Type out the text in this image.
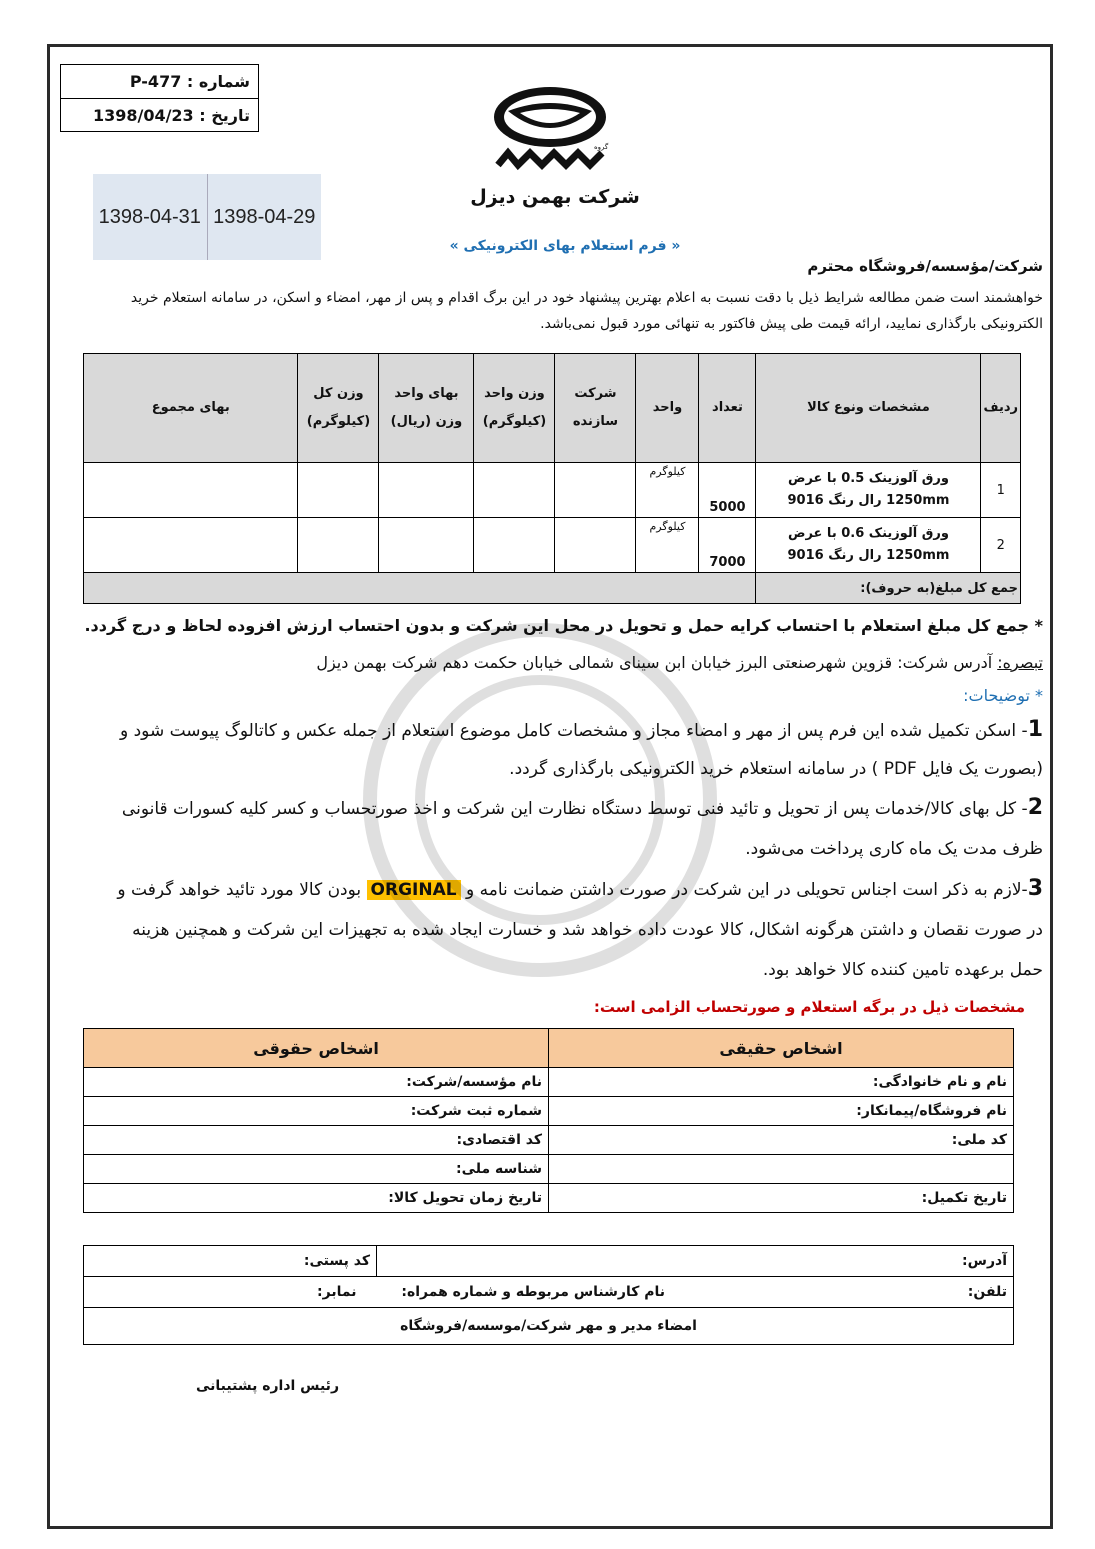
شماره : P-477
تاریخ : 1398/04/23
1398-04-31 1398-04-29
گروه
شرکت بهمن دیزل
« فرم استعلام بهای الکترونیکی »
شرکت/مؤسسه/فروشگاه محترم
خواهشمند است ضمن مطالعه شرایط ذیل با دقت نسبت به اعلام بهترین پیشنهاد خود در این برگ اقدام و پس از مهر، امضاء و اسکن، در سامانه استعلام خرید
الکترونیکی بارگذاری نمایید، ارائه قیمت طی پیش فاکتور به تنهائی مورد قبول نمی‌باشد.
ردیف	مشخصات ونوع کالا	تعداد	واحد	شرکت سازنده	وزن واحد (کیلوگرم)	بهای واحد وزن (ریال)	وزن کل (کیلوگرم)	بهای مجموع
1	ورق آلوزینک 0.5 با عرض 1250mm رال رنگ 9016	5000	کیلوگرم					
2	ورق آلوزینک 0.6 با عرض 1250mm رال رنگ 9016	7000	کیلوگرم					
جمع کل مبلغ(به حروف):								
* جمع کل مبلغ استعلام با احتساب کرایه حمل و تحویل در محل این شرکت و بدون احتساب ارزش افزوده لحاظ و درج گردد.
تبصره: آدرس شرکت: قزوین شهرصنعتی البرز خیابان ابن سینای شمالی خیابان حکمت دهم شرکت بهمن دیزل
* توضیحات:
1- اسکن تکمیل شده این فرم پس از مهر و امضاء مجاز و مشخصات کامل موضوع استعلام از جمله عکس و کاتالوگ پیوست شود و
(بصورت یک فایل PDF ) در سامانه استعلام خرید الکترونیکی بارگذاری گردد.
2- کل بهای کالا/خدمات پس از تحویل و تائید فنی توسط دستگاه نظارت این شرکت و اخذ صورتحساب و کسر کلیه کسورات قانونی
ظرف مدت یک ماه کاری پرداخت می‌شود.
3-لازم به ذکر است اجناس تحویلی در این شرکت در صورت داشتن ضمانت نامه و ORGINAL بودن کالا مورد تائید خواهد گرفت و
در صورت نقصان و داشتن هرگونه اشکال، کالا عودت داده خواهد شد و خسارت ایجاد شده به تجهیزات این شرکت و همچنین هزینه
حمل برعهده تامین کننده کالا خواهد بود.
مشخصات ذیل در برگه استعلام و صورتحساب الزامی است:
اشخاص حقیقی	اشخاص حقوقی
نام و نام خانوادگی:	نام مؤسسه/شرکت:
نام فروشگاه/پیمانکار:	شماره ثبت شرکت:
کد ملی:	کد اقتصادی:
	شناسه ملی:
تاریخ تکمیل:	تاریخ زمان تحویل کالا:
آدرس:		کد پستی:
تلفن:	نام کارشناس مربوطه و شماره همراه:	نمابر:
امضاء مدیر و مهر شرکت/موسسه/فروشگاه		
رئیس اداره پشتیبانی
